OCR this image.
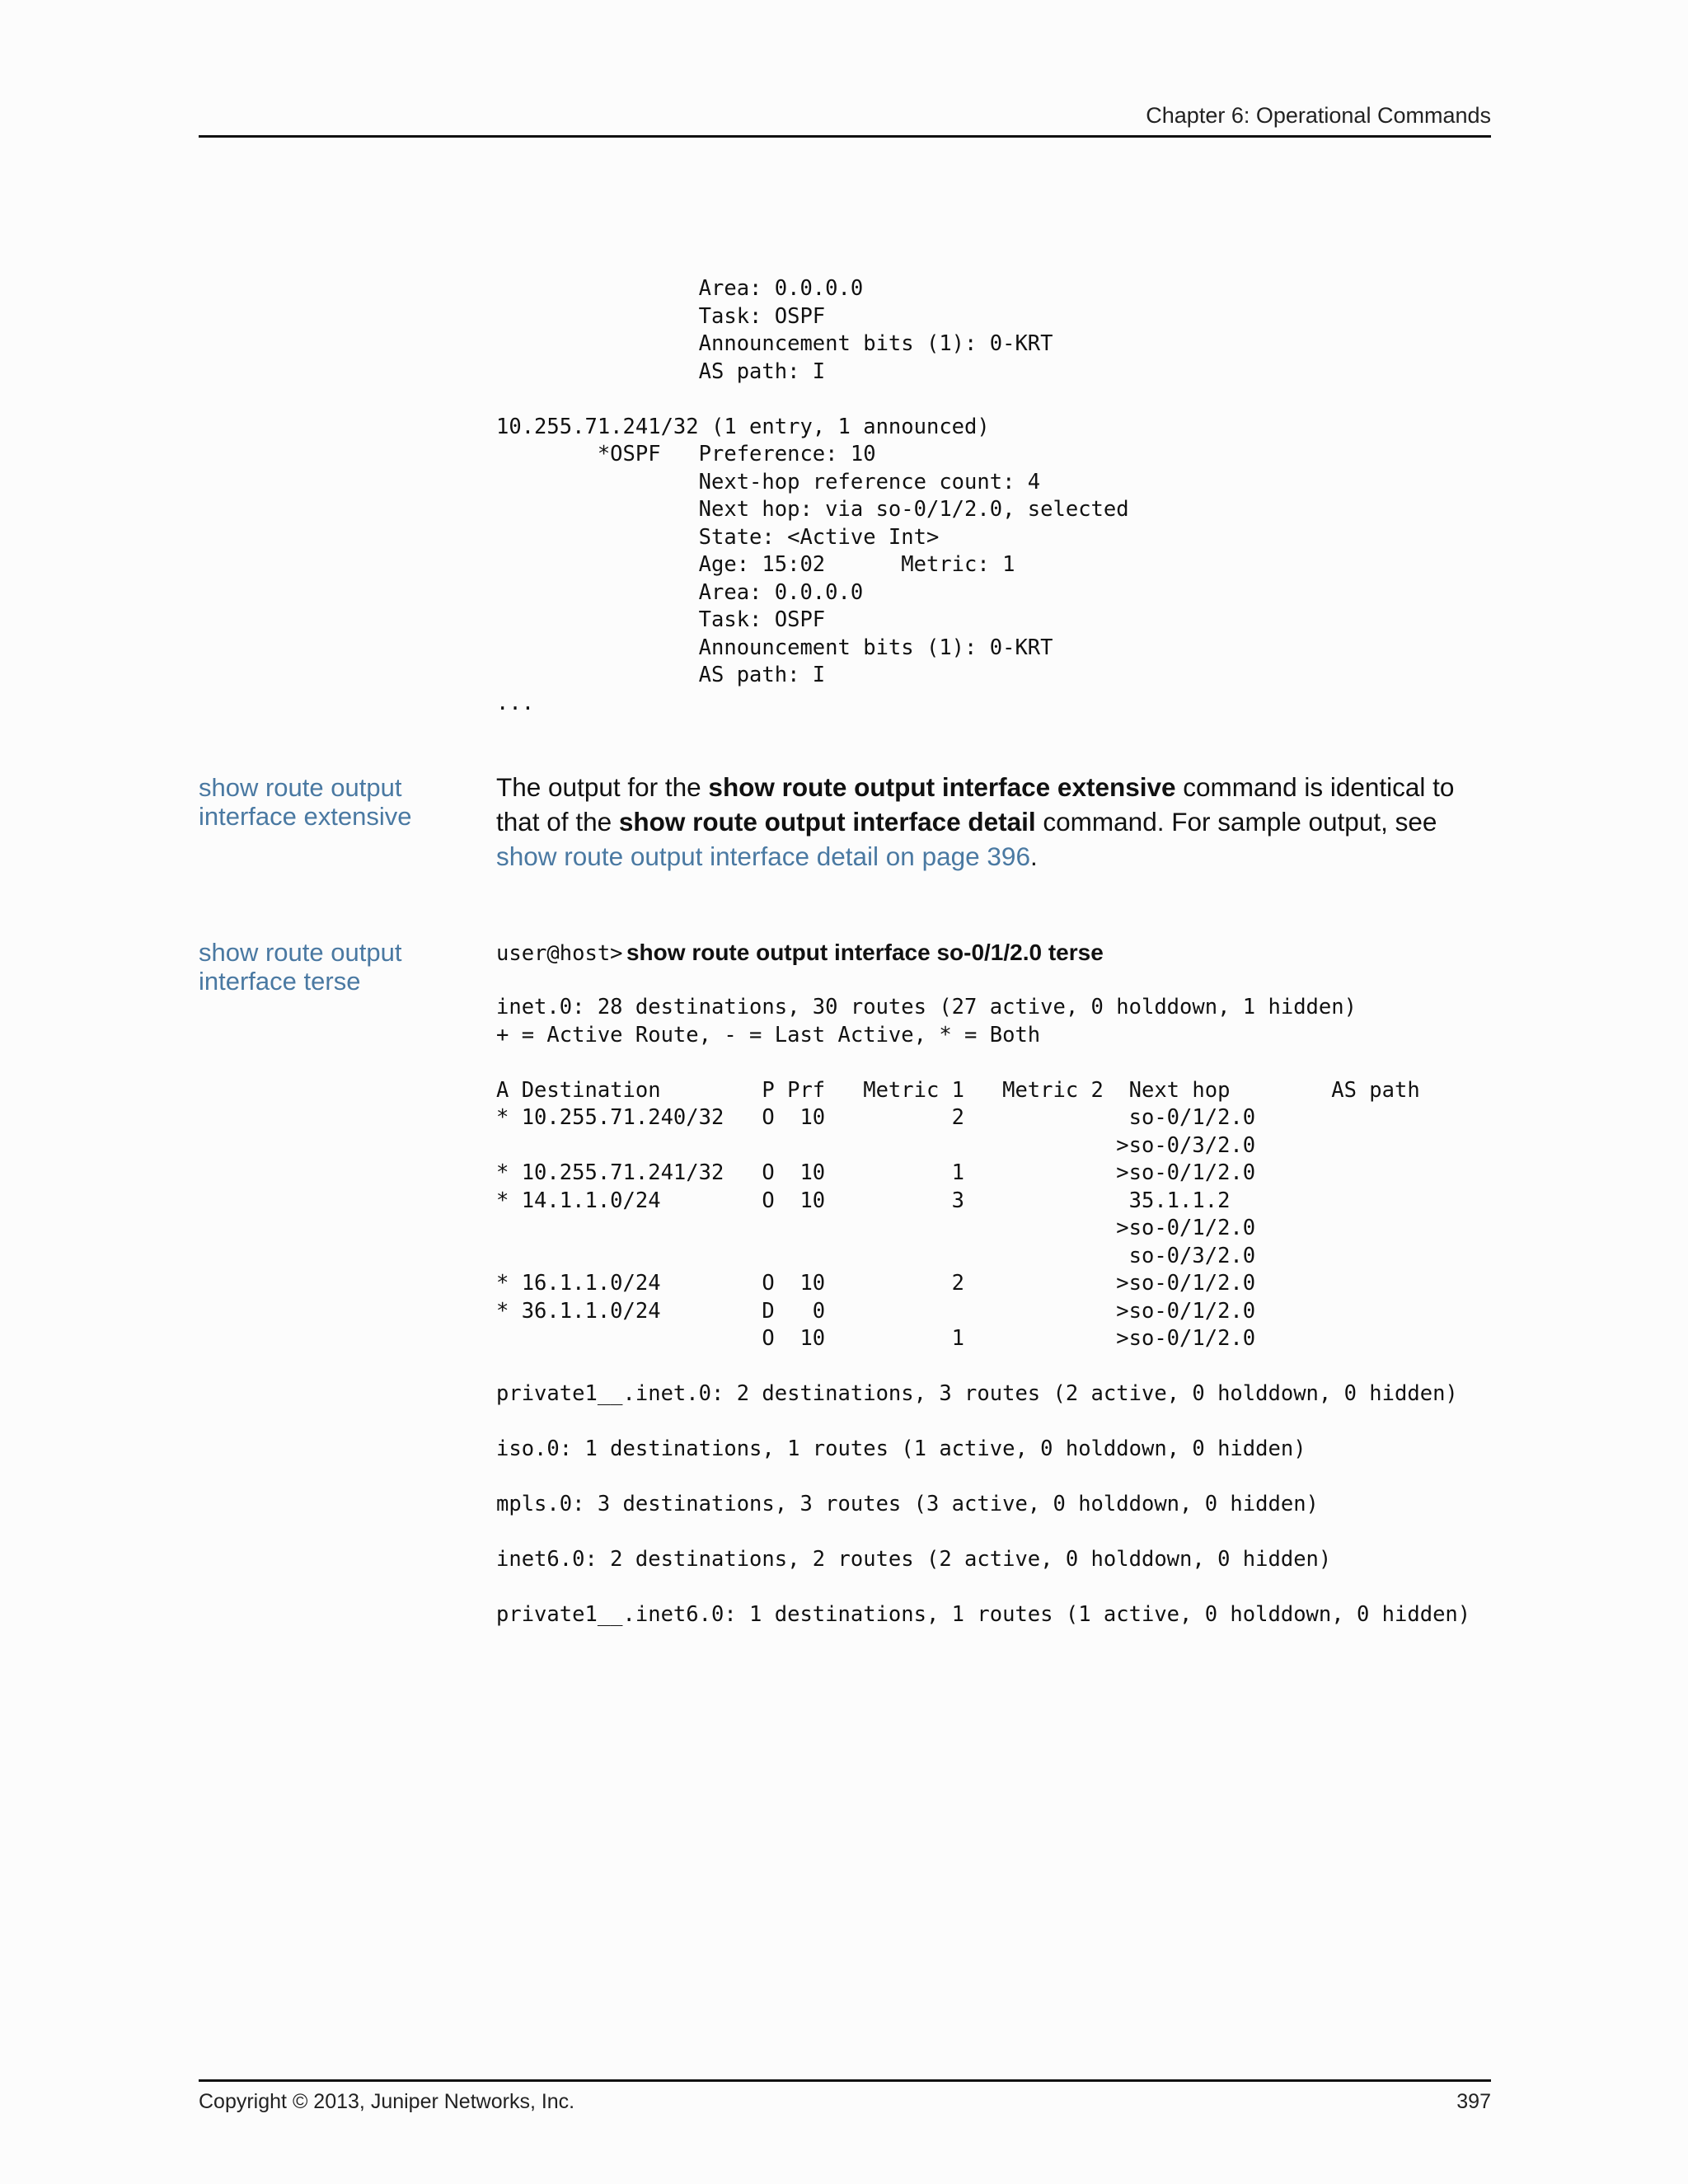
Chapter 6: Operational Commands
Area: 0.0.0.0
Task: OSPF
Announcement bits (1): 0-KRT
AS path: I

10.255.71.241/32 (1 entry, 1 announced)
*OSPF   Preference: 10
Next-hop reference count: 4
Next hop: via so-0/1/2.0, selected
State: <Active Int>
Age: 15:02      Metric: 1
Area: 0.0.0.0
Task: OSPF
Announcement bits (1): 0-KRT
AS path: I
...
show route output interface extensive
The output for the show route output interface extensive command is identical to that of the show route output interface detail command. For sample output, see show route output interface detail on page 396.
show route output interface terse
user@host> show route output interface so-0/1/2.0 terse
inet.0: 28 destinations, 30 routes (27 active, 0 holddown, 1 hidden)
+ = Active Route, - = Last Active, * = Both

A Destination        P Prf   Metric 1   Metric 2  Next hop        AS path
* 10.255.71.240/32   O  10          2             so-0/1/2.0
>so-0/3/2.0
* 10.255.71.241/32   O  10          1            >so-0/1/2.0
* 14.1.1.0/24        O  10          3             35.1.1.2
>so-0/1/2.0
so-0/3/2.0
* 16.1.1.0/24        O  10          2            >so-0/1/2.0
* 36.1.1.0/24        D   0                       >so-0/1/2.0
O  10          1            >so-0/1/2.0

private1__.inet.0: 2 destinations, 3 routes (2 active, 0 holddown, 0 hidden)

iso.0: 1 destinations, 1 routes (1 active, 0 holddown, 0 hidden)

mpls.0: 3 destinations, 3 routes (3 active, 0 holddown, 0 hidden)

inet6.0: 2 destinations, 2 routes (2 active, 0 holddown, 0 hidden)

private1__.inet6.0: 1 destinations, 1 routes (1 active, 0 holddown, 0 hidden)
Copyright © 2013, Juniper Networks, Inc.	397
